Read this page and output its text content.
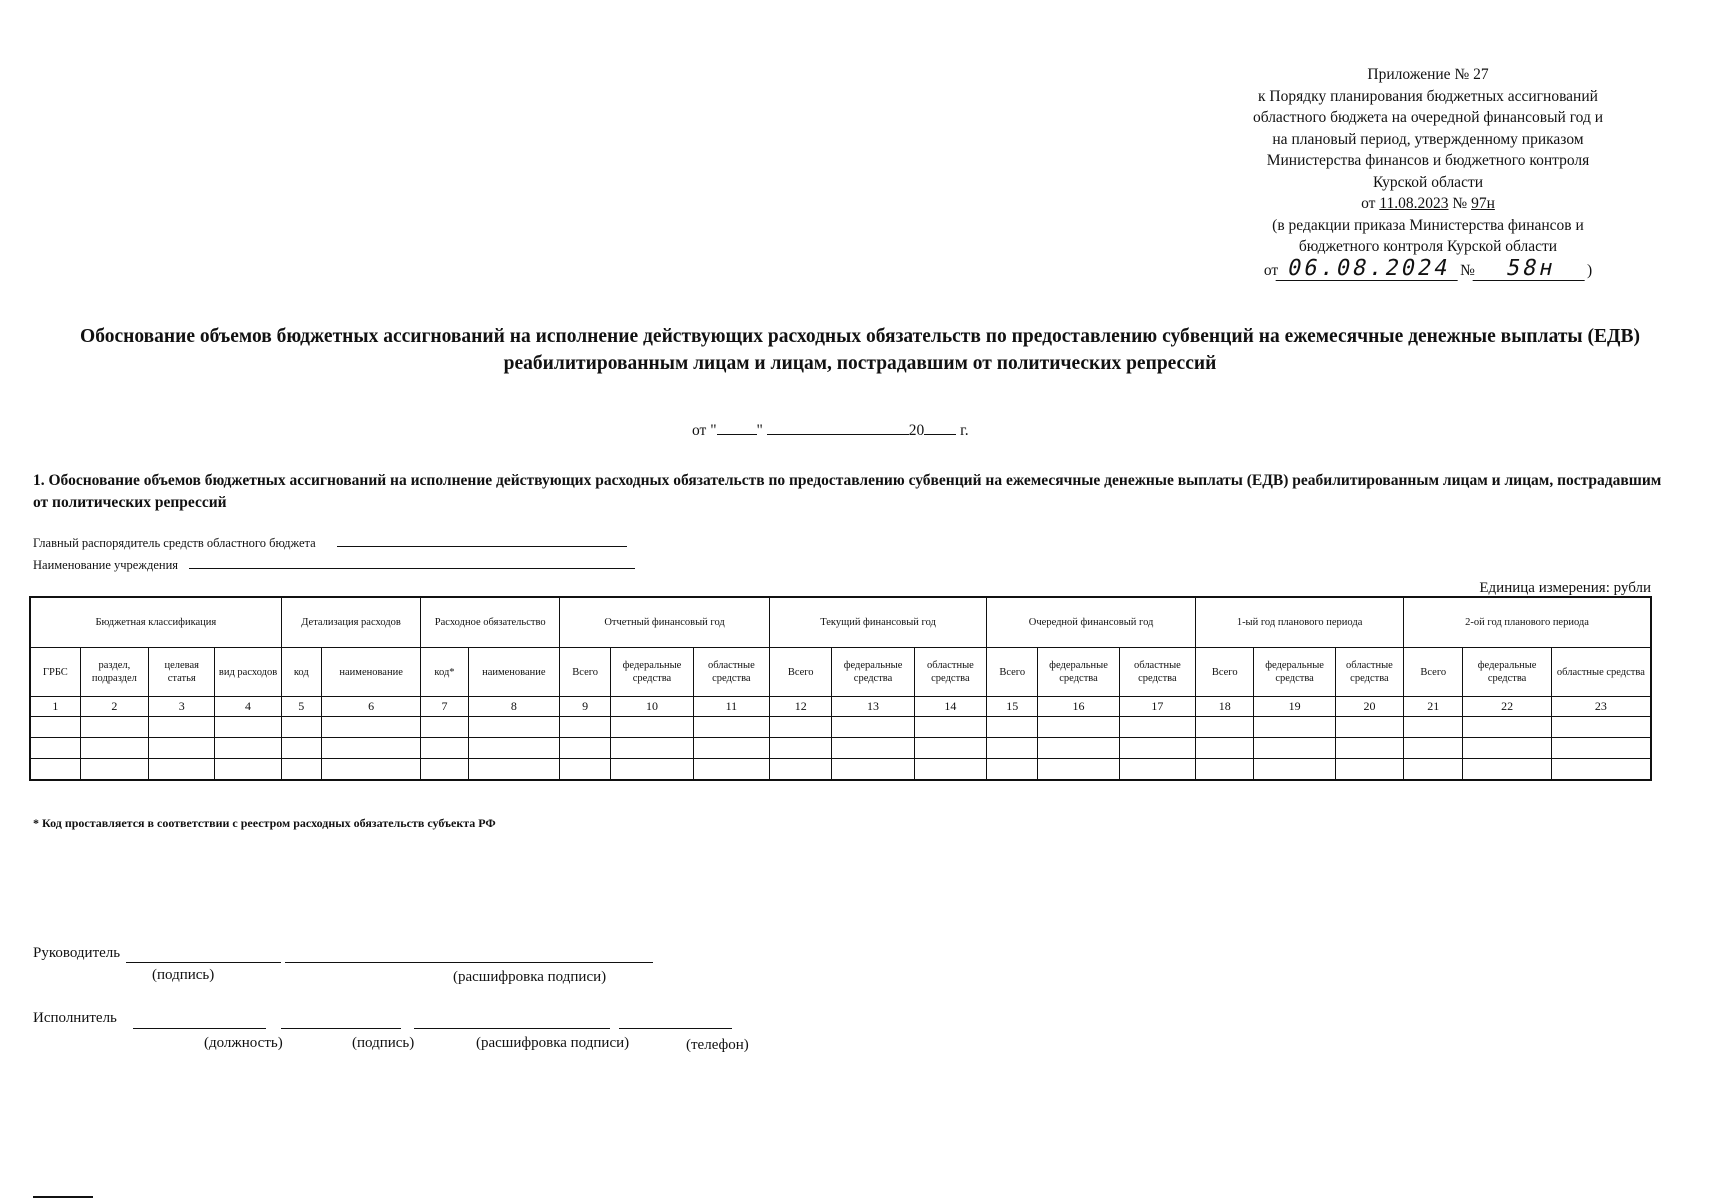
Приложение № 27
к Порядку планирования бюджетных ассигнований
областного бюджета на очередной финансовый год и
на плановый период, утвержденному приказом
Министерства финансов и бюджетного контроля
Курской области
от 11.08.2023 № 97н
(в редакции приказа Министерства финансов и
бюджетного контроля Курской области
от 06.08.2024 № 58н )
Обоснование объемов бюджетных ассигнований на исполнение действующих расходных обязательств по предоставлению субвенций на ежемесячные денежные выплаты (ЕДВ) реабилитированным лицам и лицам, пострадавшим от политических репрессий
от "	"	20 г.
1. Обоснование объемов бюджетных ассигнований на исполнение действующих расходных обязательств по предоставлению субвенций на ежемесячные денежные выплаты (ЕДВ) реабилитированным лицам и лицам, пострадавшим от политических репрессий
Главный распорядитель средств областного бюджета
Наименование учреждения
Единица измерения: рубли
Бюджетная классификация				Детализация расходов		Расходное обязательство		Отчетный финансовый год			Текущий финансовый год			Очередной финансовый год			1-ый год планового периода			2-ой год планового периода		
ГРБС	раздел, подраздел	целевая статья	вид расходов	код	наименование	код*	наименование	Всего	федеральные средства	областные средства	Всего	федеральные средства	областные средства	Всего	федеральные средства	областные средства	Всего	федеральные средства	областные средства	Всего	федеральные средства	областные средства
1	2	3	4	5	6	7	8	9	10	11	12	13	14	15	16	17	18	19	20	21	22	23

* Код проставляется в соответствии с реестром расходных обязательств субъекта РФ
Руководитель
(подпись)	(расшифровка подписи)
Исполнитель
(должность)	(подпись)	(расшифровка подписи)	(телефон)
